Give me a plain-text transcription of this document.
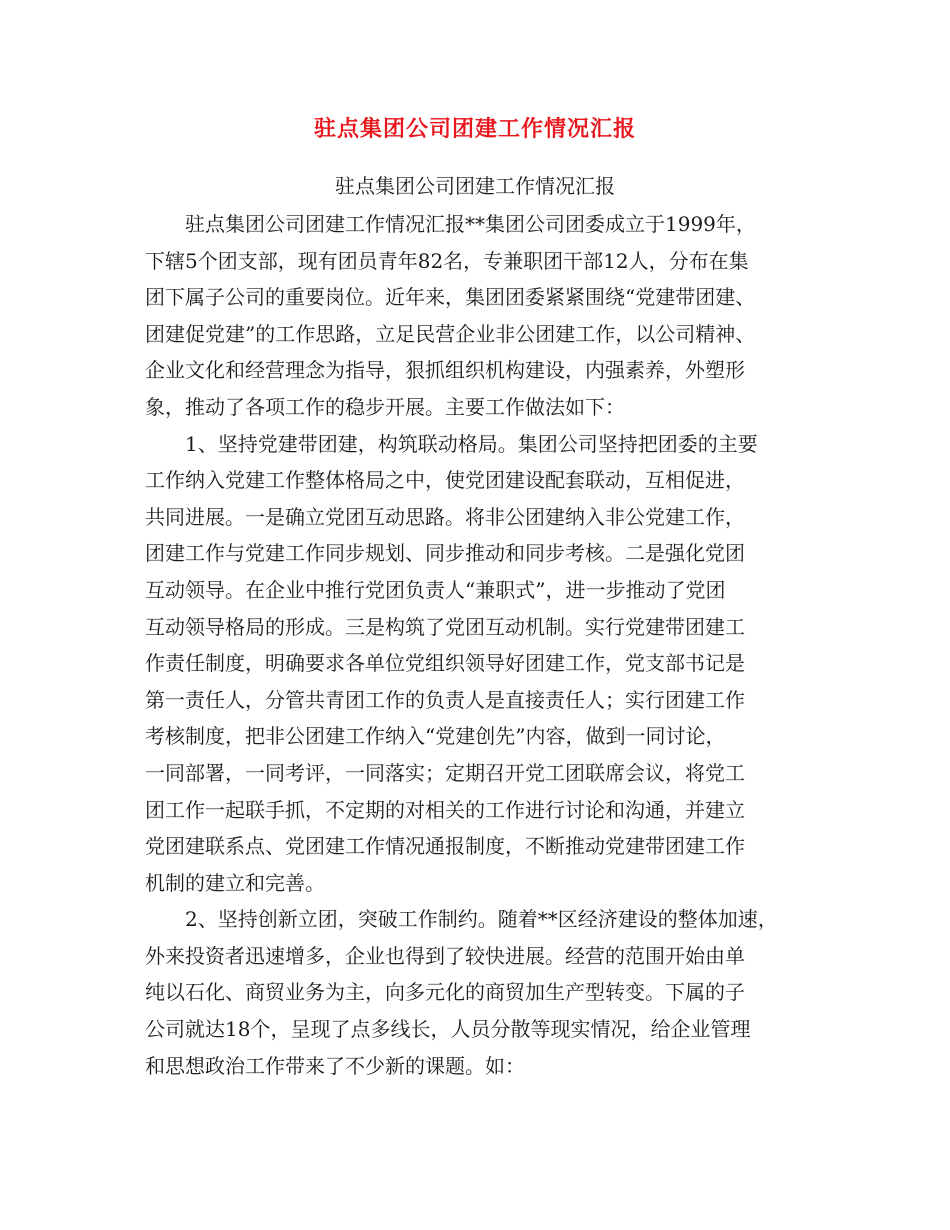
驻点集团公司团建工作情况汇报
驻点集团公司团建工作情况汇报
驻点集团公司团建工作情况汇报**集团公司团委成立于1999年，
下辖5个团支部，现有团员青年82名，专兼职团干部12人，分布在集
团下属子公司的重要岗位。近年来，集团团委紧紧围绕“党建带团建、
团建促党建”的工作思路，立足民营企业非公团建工作，以公司精神、
企业文化和经营理念为指导，狠抓组织机构建设，内强素养，外塑形
象，推动了各项工作的稳步开展。主要工作做法如下：
1、坚持党建带团建，构筑联动格局。集团公司坚持把团委的主要
工作纳入党建工作整体格局之中，使党团建设配套联动，互相促进，
共同进展。一是确立党团互动思路。将非公团建纳入非公党建工作，
团建工作与党建工作同步规划、同步推动和同步考核。二是强化党团
互动领导。在企业中推行党团负责人“兼职式”，进一步推动了党团
互动领导格局的形成。三是构筑了党团互动机制。实行党建带团建工
作责任制度，明确要求各单位党组织领导好团建工作，党支部书记是
第一责任人，分管共青团工作的负责人是直接责任人；实行团建工作
考核制度，把非公团建工作纳入“党建创先”内容，做到一同讨论，
一同部署，一同考评，一同落实；定期召开党工团联席会议，将党工
团工作一起联手抓，不定期的对相关的工作进行讨论和沟通，并建立
党团建联系点、党团建工作情况通报制度，不断推动党建带团建工作
机制的建立和完善。
2、坚持创新立团，突破工作制约。随着**区经济建设的整体加速，
外来投资者迅速增多，企业也得到了较快进展。经营的范围开始由单
纯以石化、商贸业务为主，向多元化的商贸加生产型转变。下属的子
公司就达18个，呈现了点多线长，人员分散等现实情况，给企业管理
和思想政治工作带来了不少新的课题。如：
